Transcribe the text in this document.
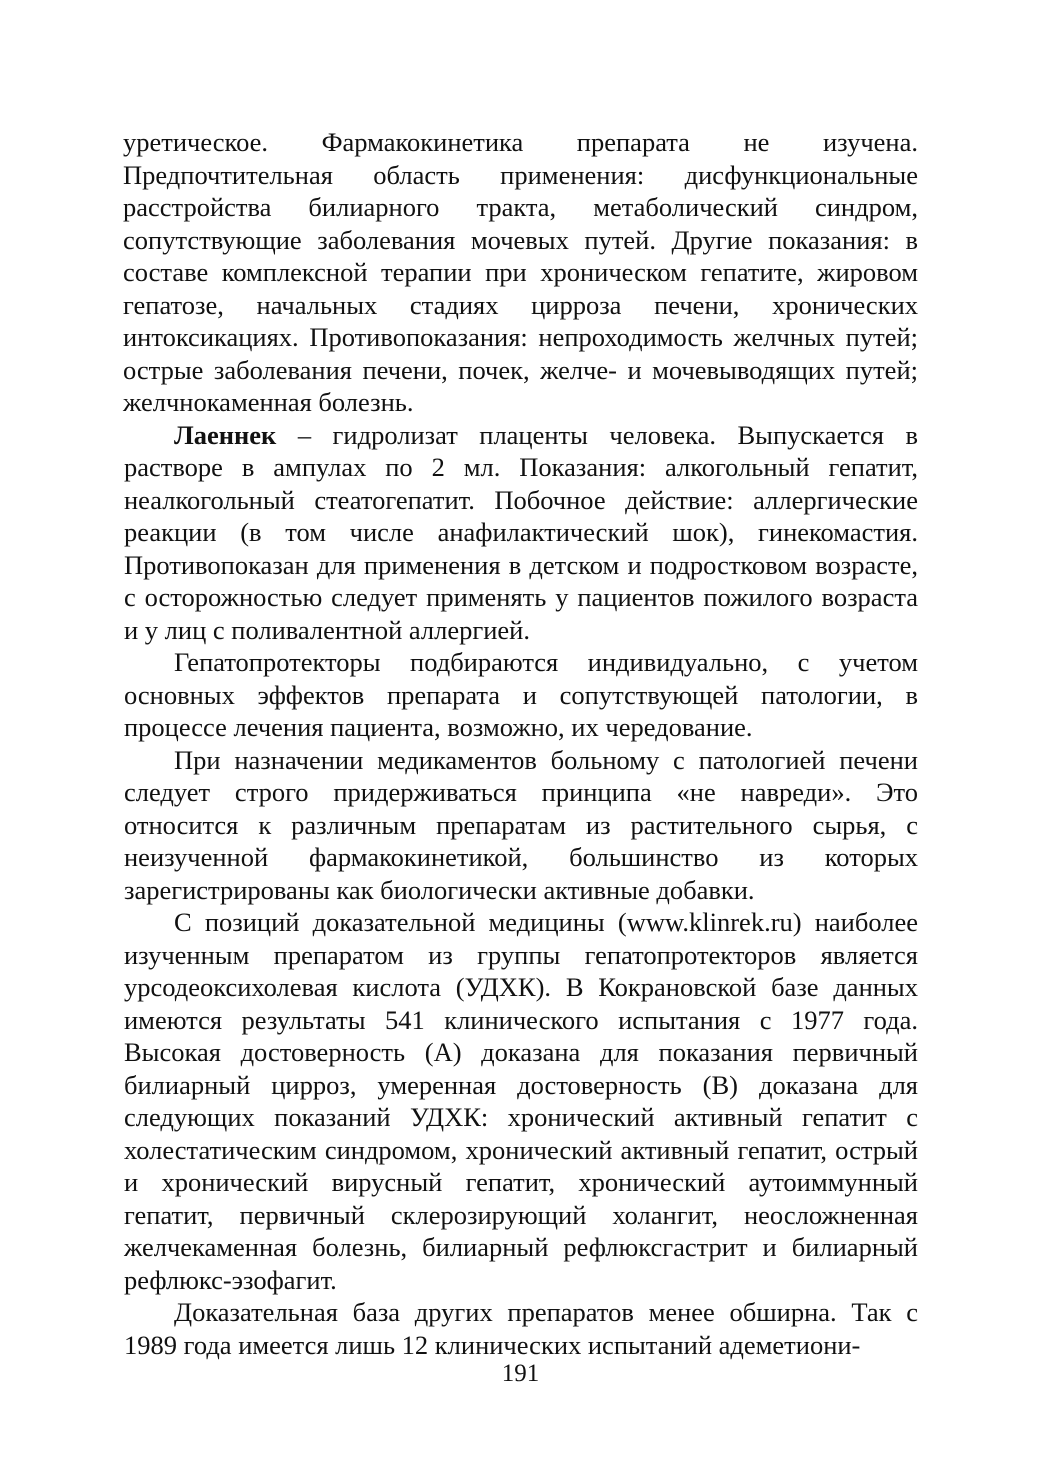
уретическое. Фармакокинетика препарата не изучена. Предпочтительная область применения: дисфункциональные расстройства билиарного тракта, метаболический синдром, сопутствующие заболевания мочевых путей. Другие показания: в составе комплексной терапии при хроническом гепатите, жировом гепатозе, начальных стадиях цирроза печени, хронических интоксикациях. Противопоказания: непроходимость желчных путей; острые заболевания печени, почек, желче- и мочевыводящих путей; желчнокаменная болезнь.

Лаеннек – гидролизат плаценты человека. Выпускается в растворе в ампулах по 2 мл. Показания: алкогольный гепатит, неалкогольный стеатогепатит. Побочное действие: аллергические реакции (в том числе анафилактический шок), гинекомастия. Противопоказан для применения в детском и подростковом возрасте, с осторожностью следует применять у пациентов пожилого возраста и у лиц с поливалентной аллергией.

Гепатопротекторы подбираются индивидуально, с учетом основных эффектов препарата и сопутствующей патологии, в процессе лечения пациента, возможно, их чередование.

При назначении медикаментов больному с патологией печени следует строго придерживаться принципа «не навреди». Это относится к различным препаратам из растительного сырья, с неизученной фармакокинетикой, большинство из которых зарегистрированы как биологически активные добавки.

С позиций доказательной медицины (www.klinrek.ru) наиболее изученным препаратом из группы гепатопротекторов является урсодеоксихолевая кислота (УДХК). В Кокрановской базе данных имеются результаты 541 клинического испытания с 1977 года. Высокая достоверность (А) доказана для показания первичный билиарный цирроз, умеренная достоверность (В) доказана для следующих показаний УДХК: хронический активный гепатит с холестатическим синдромом, хронический активный гепатит, острый и хронический вирусный гепатит, хронический аутоиммунный гепатит, первичный склерозирующий холангит, неосложненная желчекаменная болезнь, билиарный рефлюксгастрит и билиарный рефлюкс-эзофагит.

Доказательная база других препаратов менее обширна. Так с 1989 года имеется лишь 12 клинических испытаний адеметиони-

191
